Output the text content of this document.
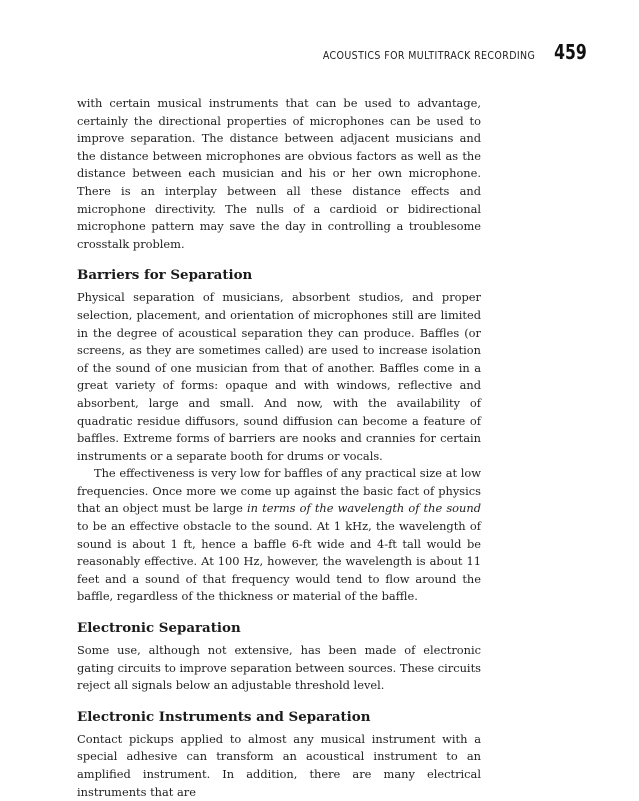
ACOUSTICS FOR MULTITRACK RECORDING 459

with certain musical instruments that can be used to advantage, certainly the directional properties of microphones can be used to improve separation. The distance between adjacent musicians and the distance between microphones are obvious factors as well as the distance between each musician and his or her own microphone. There is an interplay between all these distance effects and microphone directivity. The nulls of a cardioid or bidirectional microphone pattern may save the day in controlling a troublesome crosstalk problem.

Barriers for Separation

Physical separation of musicians, absorbent studios, and proper selection, placement, and orientation of microphones still are limited in the degree of acoustical separation they can produce. Baffles (or screens, as they are sometimes called) are used to increase isolation of the sound of one musician from that of another. Baffles come in a great variety of forms: opaque and with windows, reflective and absorbent, large and small. And now, with the availability of quadratic residue diffusors, sound diffusion can become a feature of baffles. Extreme forms of barriers are nooks and crannies for certain instruments or a separate booth for drums or vocals.

The effectiveness is very low for baffles of any practical size at low frequencies. Once more we come up against the basic fact of physics that an object must be large in terms of the wavelength of the sound to be an effective obstacle to the sound. At 1 kHz, the wavelength of sound is about 1 ft, hence a baffle 6-ft wide and 4-ft tall would be reasonably effective. At 100 Hz, however, the wavelength is about 11 feet and a sound of that frequency would tend to flow around the baffle, regardless of the thickness or material of the baffle.

Electronic Separation

Some use, although not extensive, has been made of electronic gating circuits to improve separation between sources. These circuits reject all signals below an adjustable threshold level.

Electronic Instruments and Separation

Contact pickups applied to almost any musical instrument with a special adhesive can transform an acoustical instrument to an amplified instrument. In addition, there are many electrical instruments that are
